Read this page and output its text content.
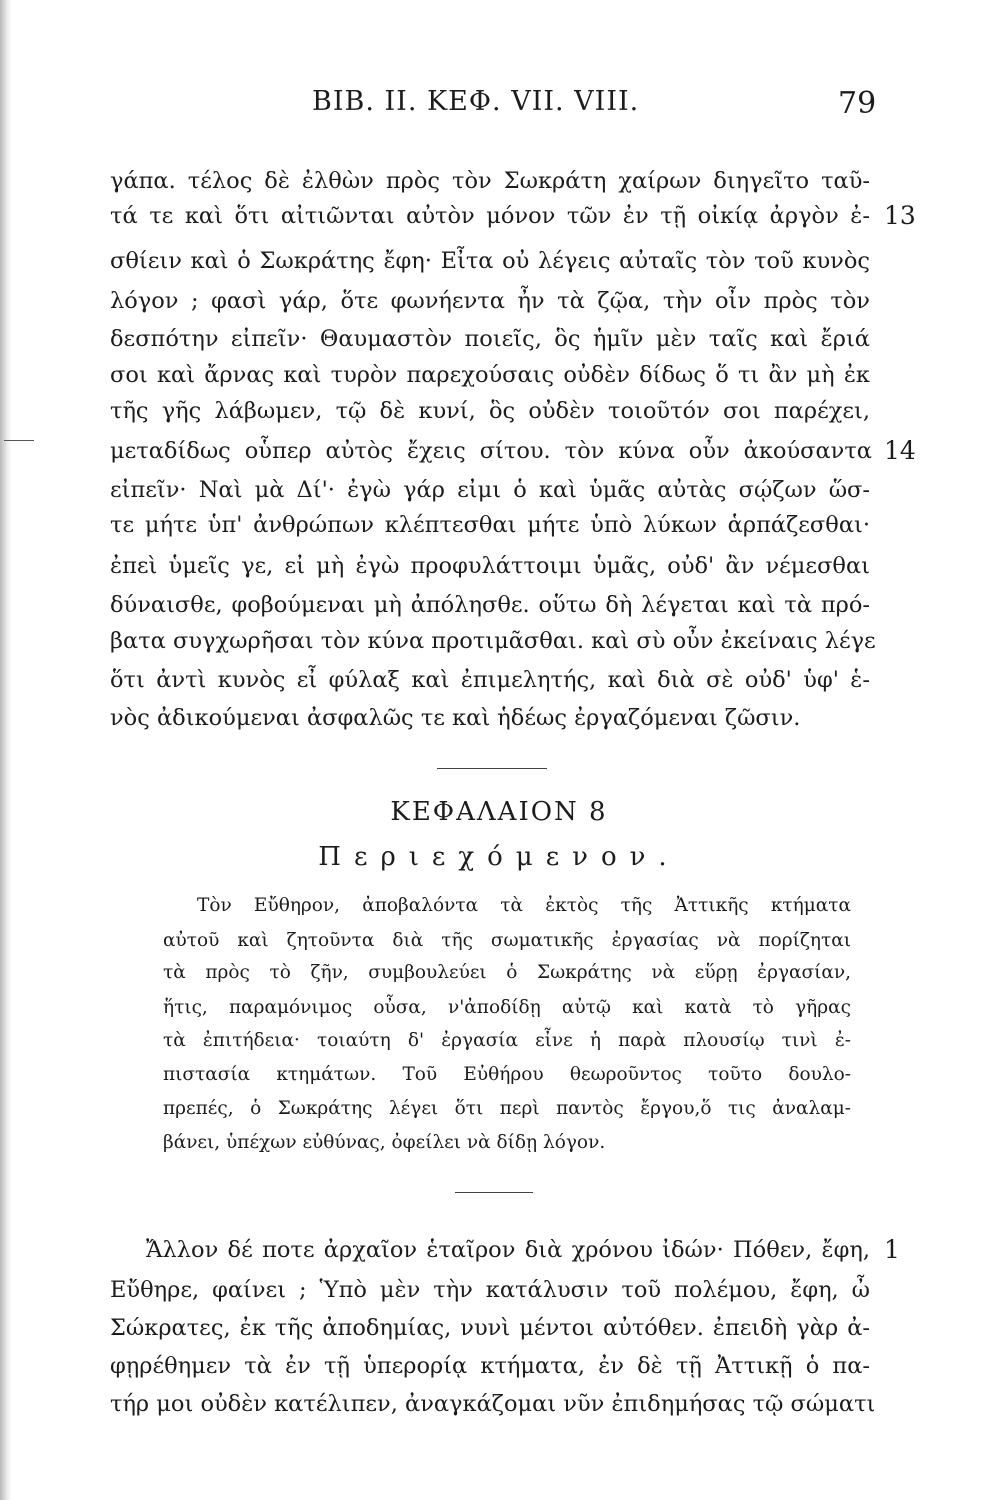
BIB. II. ΚΕΦ. VII. VIII.	79
γάπα. τέλος δὲ ἐλθὼν πρὸς τὸν Σωκράτη χαίρων διηγεῖτο ταῦ-
τά τε καὶ ὅτι αἰτιῶνται αὐτὸν μόνον τῶν ἐν τῇ οἰκίᾳ ἀργὸν ἐ-
σθίειν καὶ ὁ Σωκράτης ἔφη· Εἶτα οὐ λέγεις αὐταῖς τὸν τοῦ κυνὸς
λόγον ; φασὶ γάρ, ὅτε φωνήεντα ἦν τὰ ζῷα, τὴν οἶν πρὸς τὸν
δεσπότην εἰπεῖν· Θαυμαστὸν ποιεῖς, ὃς ἡμῖν μὲν ταῖς καὶ ἔριά
σοι καὶ ἄρνας καὶ τυρὸν παρεχούσαις οὐδὲν δίδως ὅ τι ἂν μὴ ἐκ
τῆς γῆς λάβωμεν, τῷ δὲ κυνί, ὃς οὐδὲν τοιοῦτόν σοι παρέχει,
μεταδίδως οὗπερ αὐτὸς ἔχεις σίτου. τὸν κύνα οὖν ἀκούσαντα
εἰπεῖν· Ναὶ μὰ Δί'· ἐγὼ γάρ εἰμι ὁ καὶ ὑμᾶς αὐτὰς σῴζων ὥσ-
τε μήτε ὑπ' ἀνθρώπων κλέπτεσθαι μήτε ὑπὸ λύκων ἁρπάζεσθαι·
ἐπεὶ ὑμεῖς γε, εἰ μὴ ἐγὼ προφυλάττοιμι ὑμᾶς, οὐδ' ἂν νέμεσθαι
δύναισθε, φοβούμεναι μὴ ἀπόλησθε. οὕτω δὴ λέγεται καὶ τὰ πρό-
βατα συγχωρῆσαι τὸν κύνα προτιμᾶσθαι. καὶ σὺ οὖν ἐκείναις λέγε
ὅτι ἀντὶ κυνὸς εἶ φύλαξ καὶ ἐπιμελητής, καὶ διὰ σὲ οὐδ' ὑφ' ἑ-
νὸς ἀδικούμεναι ἀσφαλῶς τε καὶ ἡδέως ἐργαζόμεναι ζῶσιν.
13
14
ΚΕΦΑΛΑΙΟΝ 8
Περιεχόμενον.
Τὸν Εὔθηρον, ἀποβαλόντα τὰ ἐκτὸς τῆς Ἀττικῆς κτήματα
αὐτοῦ καὶ ζητοῦντα διὰ τῆς σωματικῆς ἐργασίας νὰ πορίζηται
τὰ πρὸς τὸ ζῆν, συμβουλεύει ὁ Σωκράτης νὰ εὕρῃ ἐργασίαν,
ἥτις, παραμόνιμος οὖσα, ν'ἀποδίδῃ αὐτῷ καὶ κατὰ τὸ γῆρας
τὰ ἐπιτήδεια· τοιαύτη δ' ἐργασία εἶνε ἡ παρὰ πλουσίῳ τινὶ ἐ-
πιστασία κτημάτων. Τοῦ Εὐθήρου θεωροῦντος τοῦτο δουλο-
πρεπές, ὁ Σωκράτης λέγει ὅτι περὶ παντὸς ἔργου,ὅ τις ἀναλαμ-
βάνει, ὑπέχων εὐθύνας, ὀφείλει νὰ δίδῃ λόγον.
Ἄλλον δέ ποτε ἀρχαῖον ἑταῖρον διὰ χρόνου ἰδών· Πόθεν, ἔφη,
Εὔθηρε, φαίνει ; Ὑπὸ μὲν τὴν κατάλυσιν τοῦ πολέμου, ἔφη, ὦ
Σώκρατες, ἐκ τῆς ἀποδημίας, νυνὶ μέντοι αὐτόθεν. ἐπειδὴ γὰρ ἀ-
φῃρέθημεν τὰ ἐν τῇ ὑπερορίᾳ κτήματα, ἐν δὲ τῇ Ἀττικῇ ὁ πα-
τήρ μοι οὐδὲν κατέλιπεν, ἀναγκάζομαι νῦν ἐπιδημήσας τῷ σώματι
1
